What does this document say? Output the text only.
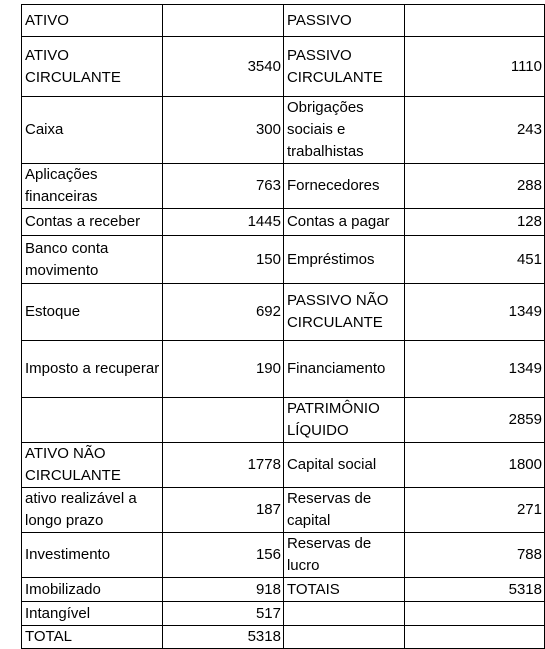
ATIVO		PASSIVO	
ATIVO CIRCULANTE	3540	PASSIVO CIRCULANTE	1110
Caixa	300	Obrigações sociais e trabalhistas	243
Aplicações financeiras	763	Fornecedores	288
Contas a receber	1445	Contas a pagar	128
Banco conta movimento	150	Empréstimos	451
Estoque	692	PASSIVO NÃO CIRCULANTE	1349
Imposto a recuperar	190	Financiamento	1349
		PATRIMÔNIO LÍQUIDO	2859
ATIVO NÃO CIRCULANTE	1778	Capital social	1800
ativo realizável a longo prazo	187	Reservas de capital	271
Investimento	156	Reservas de lucro	788
Imobilizado	918	TOTAIS	5318
Intangível	517		
TOTAL	5318		
